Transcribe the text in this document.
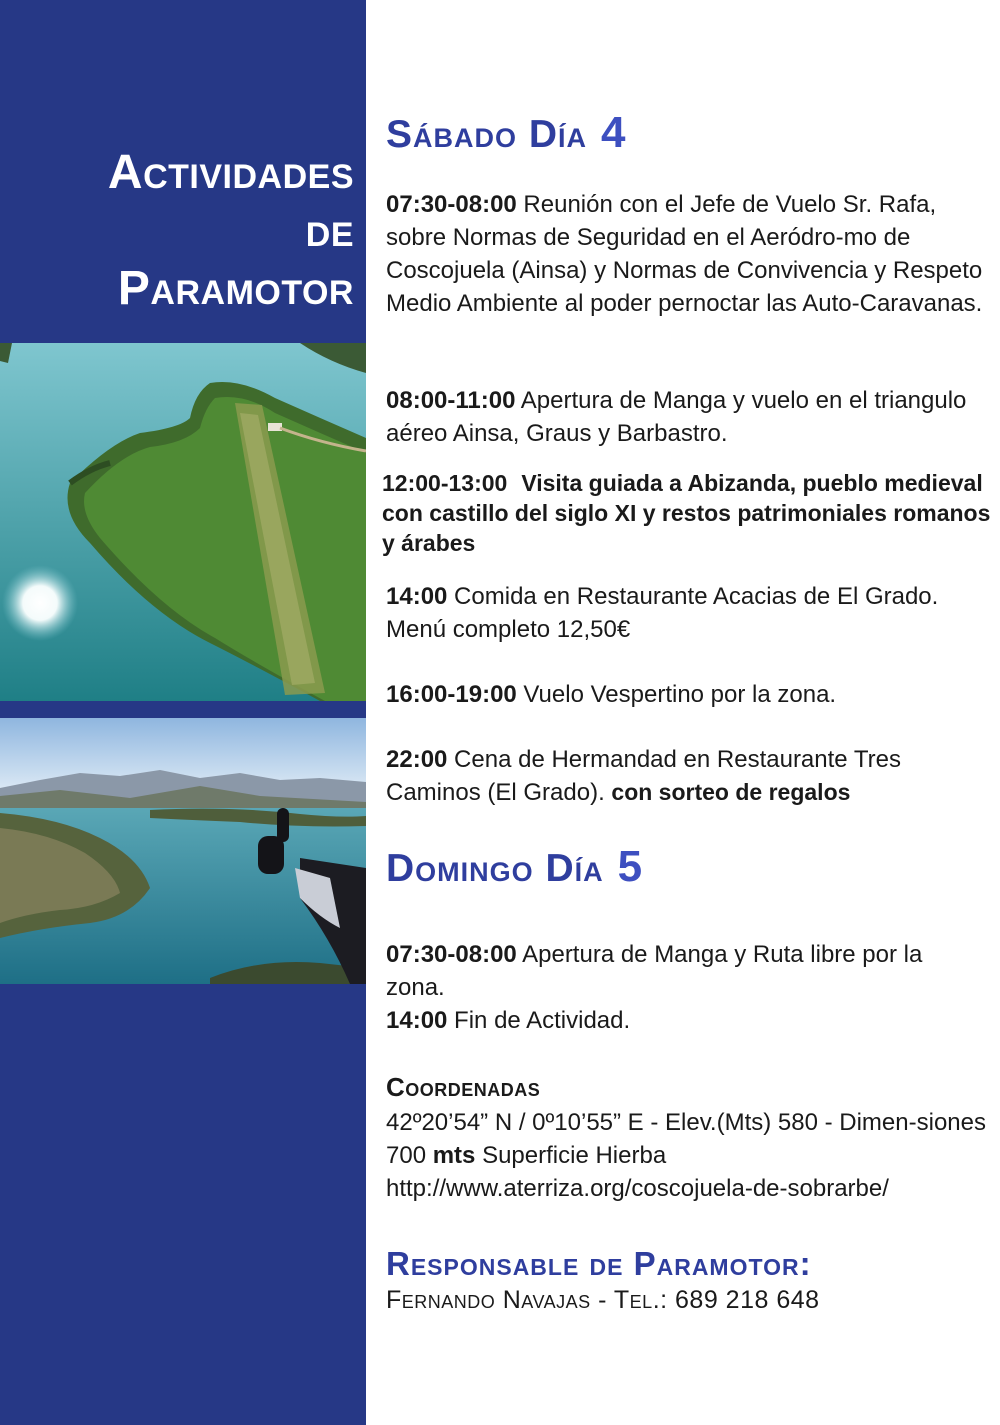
Actividades
de
Paramotor
Sábado Día 4

07:30-08:00 Reunión con el Jefe de Vuelo Sr. Rafa, sobre Normas de Seguridad en el Aeródro-mo de Coscojuela (Ainsa) y Normas de Convivencia y Respeto Medio Ambiente al poder pernoctar las Auto-Caravanas.

08:00-11:00 Apertura de Manga y vuelo en el triangulo aéreo Ainsa, Graus y Barbastro.

12:00-13:00 Visita guiada a Abizanda, pueblo medieval con castillo del siglo XI y restos patrimoniales romanos y árabes

14:00 Comida en Restaurante Acacias de El Grado. Menú completo 12,50€

16:00-19:00 Vuelo Vespertino por la zona.

22:00 Cena de Hermandad en Restaurante Tres Caminos (El Grado). con sorteo de regalos

Domingo Día 5

07:30-08:00 Apertura de Manga y Ruta libre por la zona.

14:00 Fin de Actividad.

Coordenadas
42º20’54” N / 0º10’55” E - Elev.(Mts) 580 - Dimen-siones 700 mts Superficie Hierba
http://www.aterriza.org/coscojuela-de-sobrarbe/
Responsable de Paramotor:
Fernando Navajas - Tel.: 689 218 648
